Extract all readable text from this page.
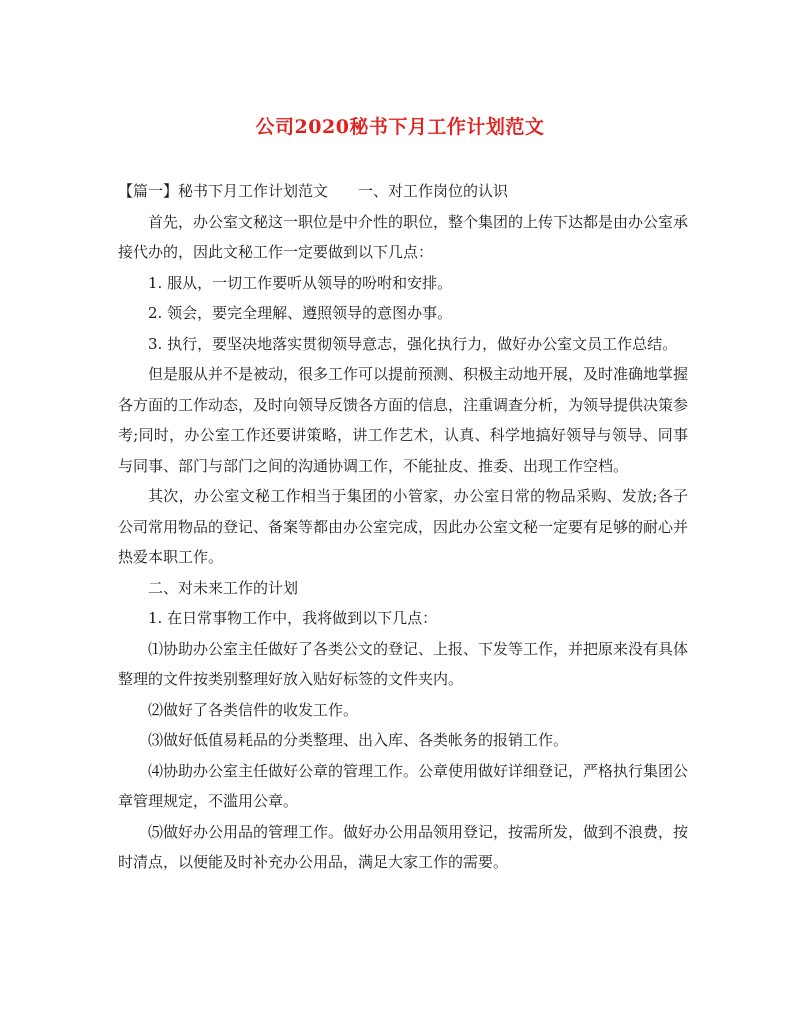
公司2020秘书下月工作计划范文

【篇一】秘书下月工作计划范文 一、对工作岗位的认识

首先，办公室文秘这一职位是中介性的职位，整个集团的上传下达都是由办公室承接代办的，因此文秘工作一定要做到以下几点：

1. 服从，一切工作要听从领导的吩咐和安排。

2. 领会，要完全理解、遵照领导的意图办事。

3. 执行，要坚决地落实贯彻领导意志，强化执行力，做好办公室文员工作总结。

但是服从并不是被动，很多工作可以提前预测、积极主动地开展，及时准确地掌握各方面的工作动态，及时向领导反馈各方面的信息，注重调查分析，为领导提供决策参考;同时，办公室工作还要讲策略，讲工作艺术，认真、科学地搞好领导与领导、同事与同事、部门与部门之间的沟通协调工作，不能扯皮、推委、出现工作空档。

其次，办公室文秘工作相当于集团的小管家，办公室日常的物品采购、发放;各子公司常用物品的登记、备案等都由办公室完成，因此办公室文秘一定要有足够的耐心并热爱本职工作。

二、对未来工作的计划

1. 在日常事物工作中，我将做到以下几点：

⑴协助办公室主任做好了各类公文的登记、上报、下发等工作，并把原来没有具体整理的文件按类别整理好放入贴好标签的文件夹内。

⑵做好了各类信件的收发工作。

⑶做好低值易耗品的分类整理、出入库、各类帐务的报销工作。

⑷协助办公室主任做好公章的管理工作。公章使用做好详细登记，严格执行集团公章管理规定，不滥用公章。

⑸做好办公用品的管理工作。做好办公用品领用登记，按需所发，做到不浪费，按时清点，以便能及时补充办公用品，满足大家工作的需要。
